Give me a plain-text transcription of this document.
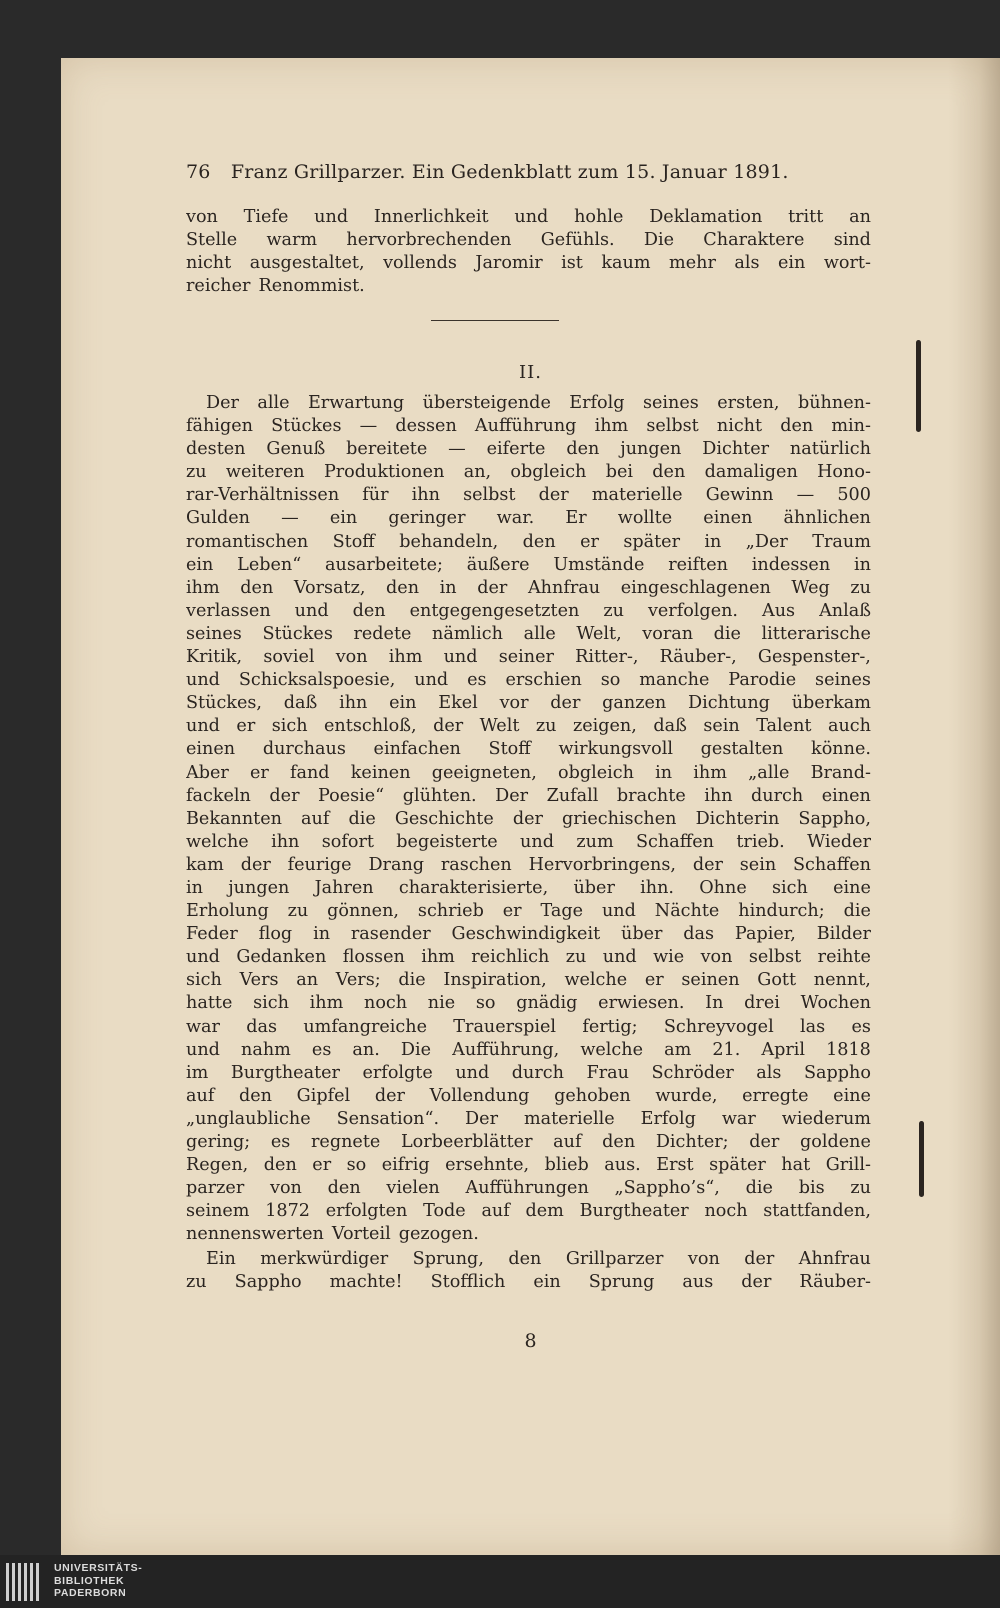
76 Franz Grillparzer. Ein Gedenkblatt zum 15. Januar 1891.
von Tiefe und Innerlichkeit und hohle Deklamation tritt an
Stelle warm hervorbrechenden Gefühls. Die Charaktere sind
nicht ausgestaltet, vollends Jaromir ist kaum mehr als ein wort-
reicher Renommist.
II.
Der alle Erwartung übersteigende Erfolg seines ersten, bühnen-
fähigen Stückes — dessen Aufführung ihm selbst nicht den min-
desten Genuß bereitete — eiferte den jungen Dichter natürlich
zu weiteren Produktionen an, obgleich bei den damaligen Hono-
rar-Verhältnissen für ihn selbst der materielle Gewinn — 500
Gulden — ein geringer war. Er wollte einen ähnlichen
romantischen Stoff behandeln, den er später in „Der Traum
ein Leben“ ausarbeitete; äußere Umstände reiften indessen in
ihm den Vorsatz, den in der Ahnfrau eingeschlagenen Weg zu
verlassen und den entgegengesetzten zu verfolgen. Aus Anlaß
seines Stückes redete nämlich alle Welt, voran die litterarische
Kritik, soviel von ihm und seiner Ritter-, Räuber-, Gespenster-,
und Schicksalspoesie, und es erschien so manche Parodie seines
Stückes, daß ihn ein Ekel vor der ganzen Dichtung überkam
und er sich entschloß, der Welt zu zeigen, daß sein Talent auch
einen durchaus einfachen Stoff wirkungsvoll gestalten könne.
Aber er fand keinen geeigneten, obgleich in ihm „alle Brand-
fackeln der Poesie“ glühten. Der Zufall brachte ihn durch einen
Bekannten auf die Geschichte der griechischen Dichterin Sappho,
welche ihn sofort begeisterte und zum Schaffen trieb. Wieder
kam der feurige Drang raschen Hervorbringens, der sein Schaffen
in jungen Jahren charakterisierte, über ihn. Ohne sich eine
Erholung zu gönnen, schrieb er Tage und Nächte hindurch; die
Feder flog in rasender Geschwindigkeit über das Papier, Bilder
und Gedanken flossen ihm reichlich zu und wie von selbst reihte
sich Vers an Vers; die Inspiration, welche er seinen Gott nennt,
hatte sich ihm noch nie so gnädig erwiesen. In drei Wochen
war das umfangreiche Trauerspiel fertig; Schreyvogel las es
und nahm es an. Die Aufführung, welche am 21. April 1818
im Burgtheater erfolgte und durch Frau Schröder als Sappho
auf den Gipfel der Vollendung gehoben wurde, erregte eine
„unglaubliche Sensation“. Der materielle Erfolg war wiederum
gering; es regnete Lorbeerblätter auf den Dichter; der goldene
Regen, den er so eifrig ersehnte, blieb aus. Erst später hat Grill-
parzer von den vielen Aufführungen „Sappho’s“, die bis zu
seinem 1872 erfolgten Tode auf dem Burgtheater noch stattfanden,
nennenswerten Vorteil gezogen.
Ein merkwürdiger Sprung, den Grillparzer von der Ahnfrau
zu Sappho machte! Stofflich ein Sprung aus der Räuber-
8
UNIVERSITÄTS-
BIBLIOTHEK
PADERBORN
